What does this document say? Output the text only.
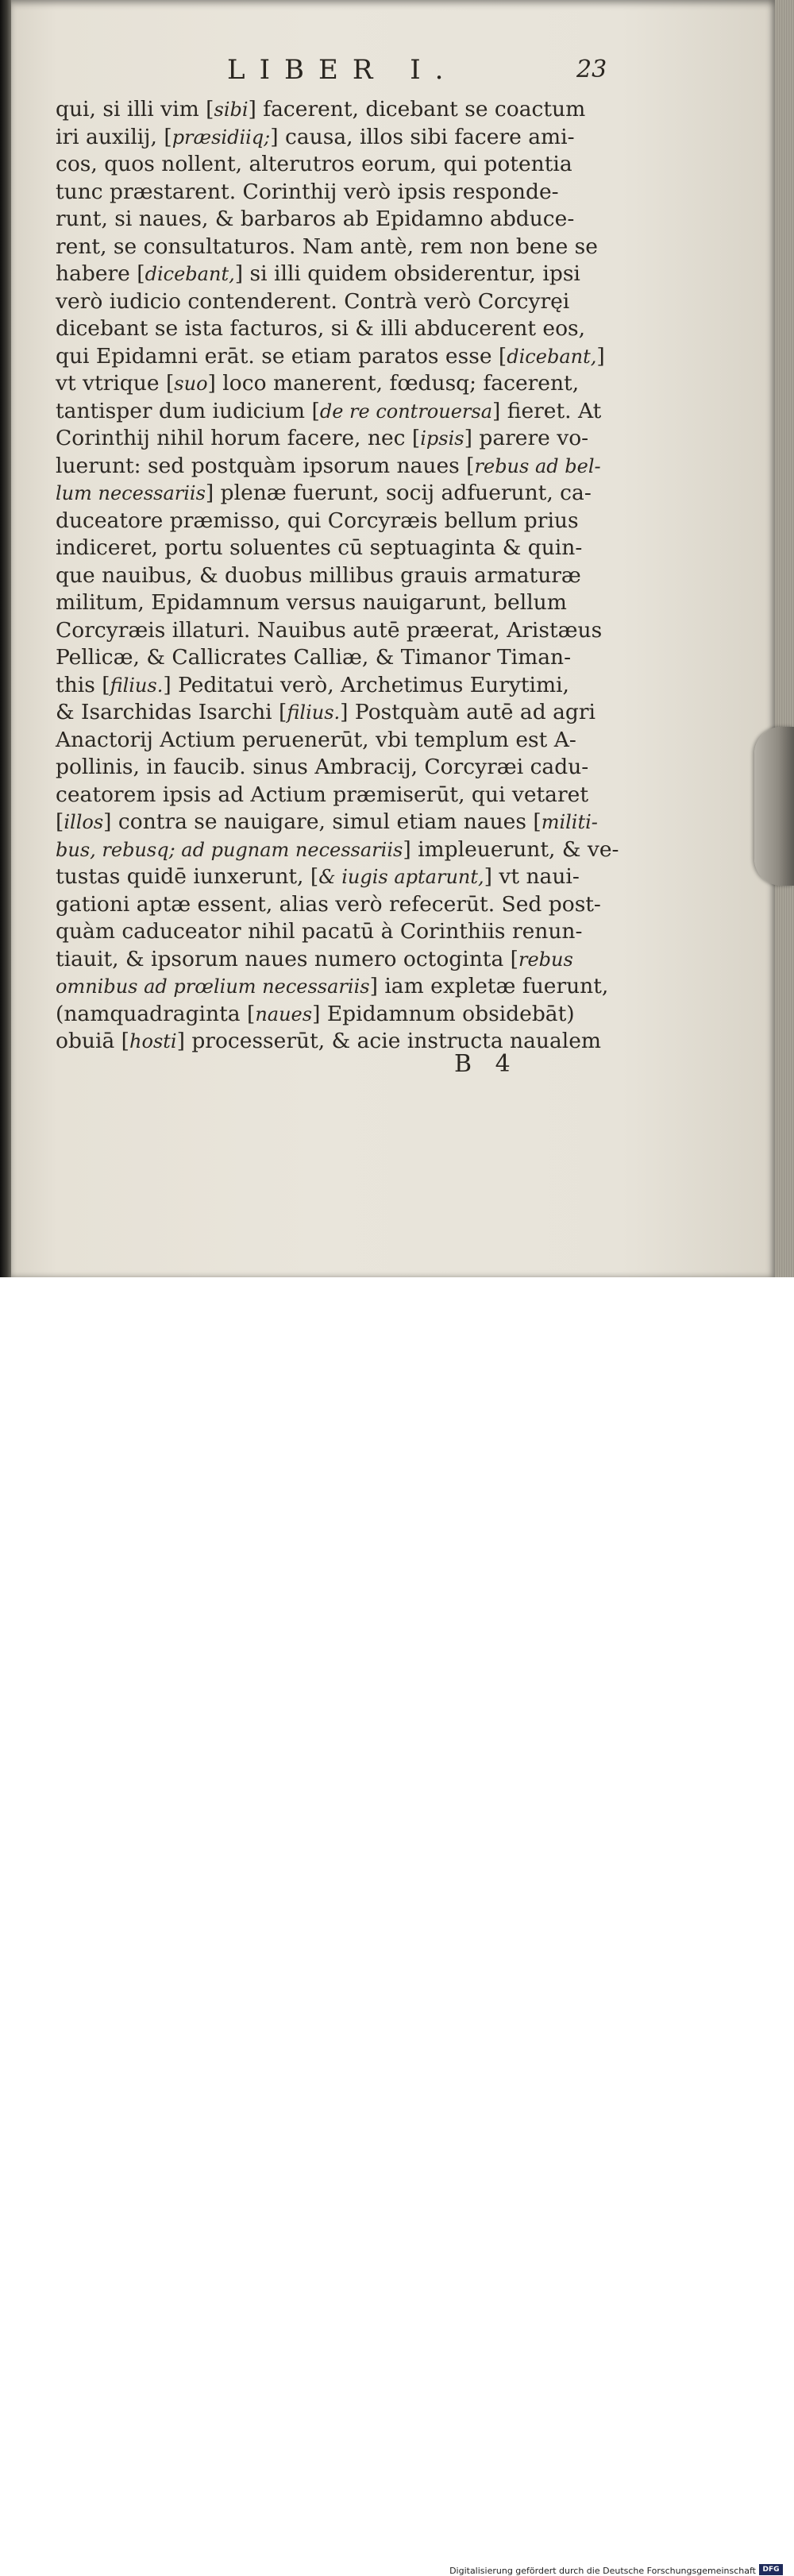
LIBER I.	23
qui, si illi vim [sibi] facerent, dicebant se coactum
iri auxilij, [præsidiiq;] causa, illos sibi facere ami-
cos, quos nollent, alterutros eorum, qui potentia
tunc præstarent. Corinthij verò ipsis responde-
runt, si naues, & barbaros ab Epidamno abduce-
rent, se consultaturos. Nam antè, rem non bene se
habere [dicebant,] si illi quidem obsiderentur, ipsi
verò iudicio contenderent. Contrà verò Corcyręi
dicebant se ista facturos, si & illi abducerent eos,
qui Epidamni erāt. se etiam paratos esse [dicebant,]
vt vtrique [suo] loco manerent, fœdusq; facerent,
tantisper dum iudicium [de re controuersa] fieret. At
Corinthij nihil horum facere, nec [ipsis] parere vo-
luerunt: sed postquàm ipsorum naues [rebus ad bel-
lum necessariis] plenæ fuerunt, socij adfuerunt, ca-
duceatore præmisso, qui Corcyræis bellum prius
indiceret, portu soluentes cū septuaginta & quin-
que nauibus, & duobus millibus grauis armaturæ
militum, Epidamnum versus nauigarunt, bellum
Corcyræis illaturi. Nauibus autē præerat, Aristæus
Pellicæ, & Callicrates Calliæ, & Timanor Timan-
this [filius.] Peditatui verò, Archetimus Eurytimi,
& Isarchidas Isarchi [filius.] Postquàm autē ad agri
Anactorij Actium peruenerūt, vbi templum est A-
pollinis, in faucib. sinus Ambracij, Corcyræi cadu-
ceatorem ipsis ad Actium præmiserūt, qui vetaret
[illos] contra se nauigare, simul etiam naues [militi-
bus, rebusq; ad pugnam necessariis] impleuerunt, & ve-
tustas quidē iunxerunt, [& iugis aptarunt,] vt naui-
gationi aptæ essent, alias verò refecerūt. Sed post-
quàm caduceator nihil pacatū à Corinthiis renun-
tiauit, & ipsorum naues numero octoginta [rebus
omnibus ad prœlium necessariis] iam expletæ fuerunt,
(namquadraginta [naues] Epidamnum obsidebāt)
obuiā [hosti] processerūt, & acie instructa naualem
B 4
Digitalisierung gefördert durch die Deutsche Forschungsgemeinschaft DFG
